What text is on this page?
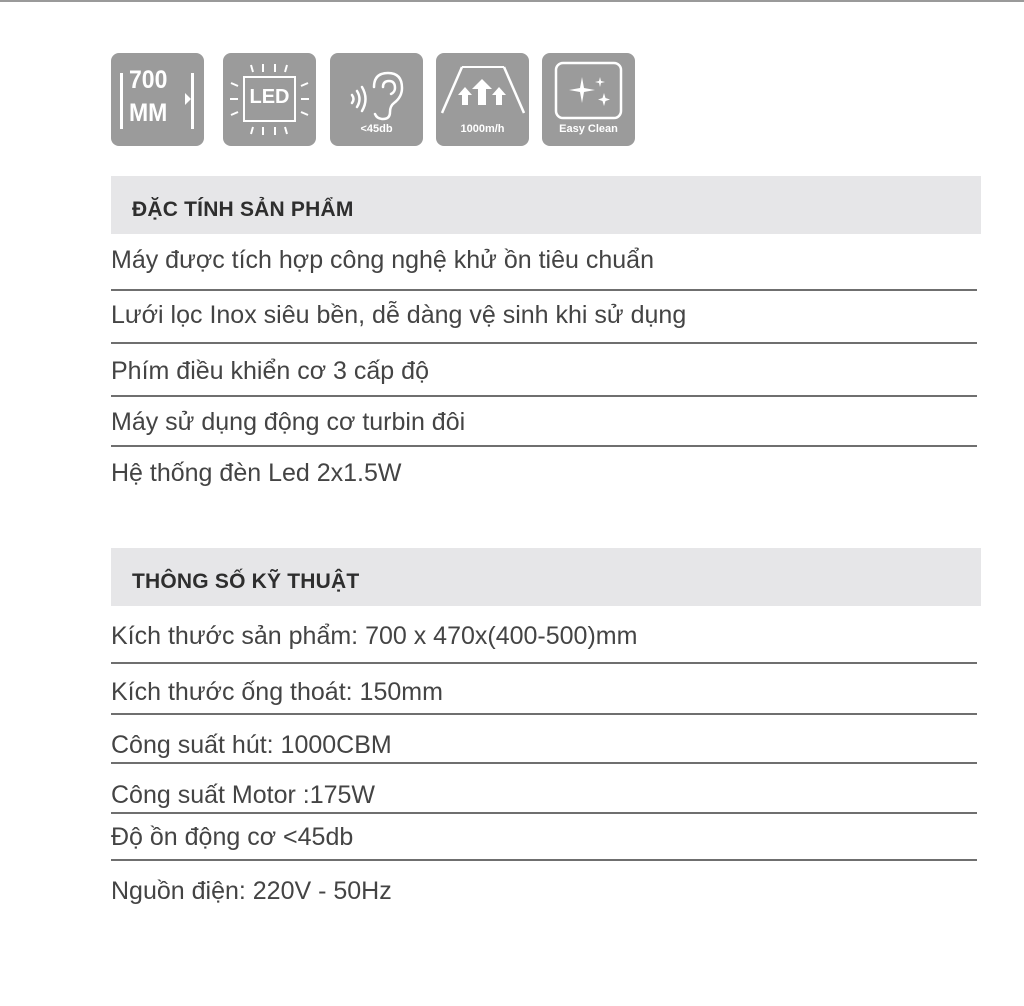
700
MM
LED
<45db	1000m/h	Easy Clean
ĐẶC TÍNH SẢN PHẨM
Máy được tích hợp công nghệ khử ồn tiêu chuẩn
Lưới lọc Inox siêu bền, dễ dàng vệ sinh khi sử dụng
Phím điều khiển cơ 3 cấp độ
Máy sử dụng động cơ turbin đôi
Hệ thống đèn Led 2x1.5W
THÔNG SỐ KỸ THUẬT
Kích thước sản phẩm: 700 x 470x(400-500)mm
Kích thước ống thoát: 150mm
Công suất hút: 1000CBM
Công suất Motor :175W
Độ ồn động cơ <45db
Nguồn điện: 220V - 50Hz
